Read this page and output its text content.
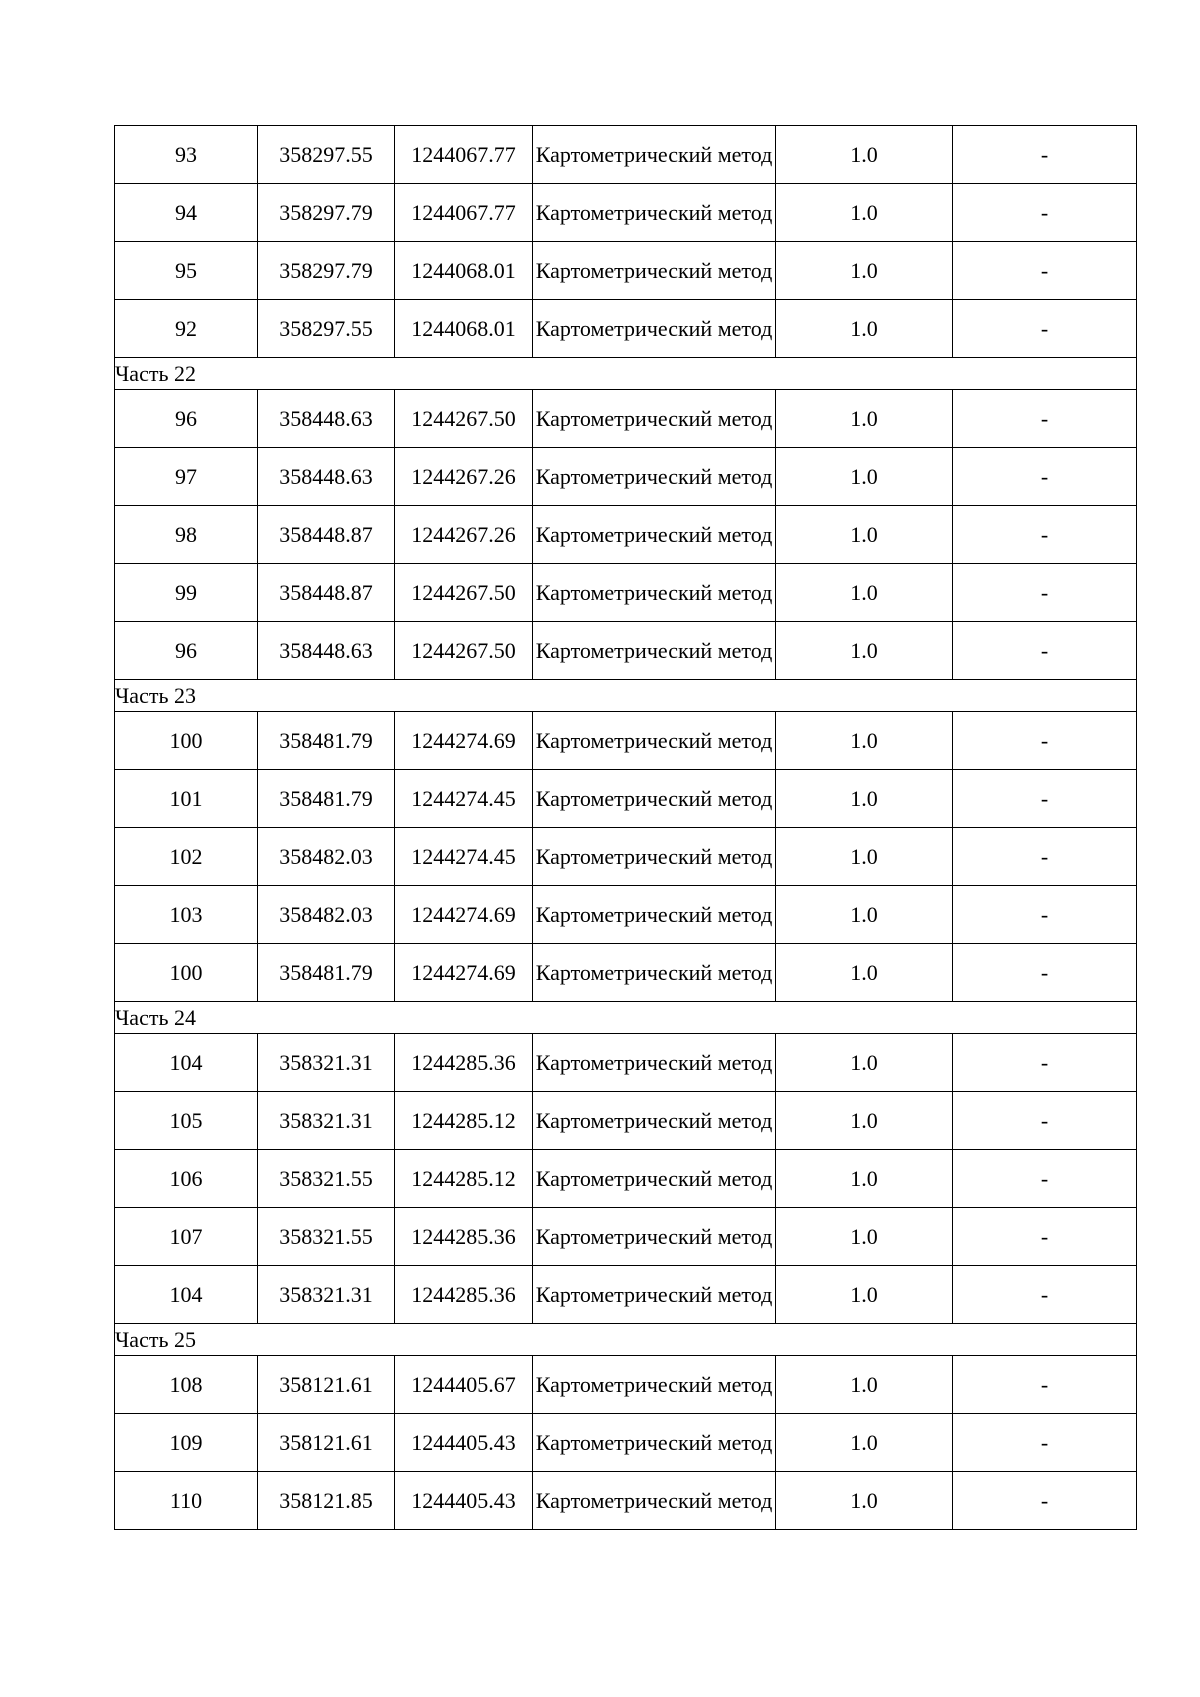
93	358297.55	1244067.77	Картометрический метод	1.0	-
94	358297.79	1244067.77	Картометрический метод	1.0	-
95	358297.79	1244068.01	Картометрический метод	1.0	-
92	358297.55	1244068.01	Картометрический метод	1.0	-
Часть 22					
96	358448.63	1244267.50	Картометрический метод	1.0	-
97	358448.63	1244267.26	Картометрический метод	1.0	-
98	358448.87	1244267.26	Картометрический метод	1.0	-
99	358448.87	1244267.50	Картометрический метод	1.0	-
96	358448.63	1244267.50	Картометрический метод	1.0	-
Часть 23					
100	358481.79	1244274.69	Картометрический метод	1.0	-
101	358481.79	1244274.45	Картометрический метод	1.0	-
102	358482.03	1244274.45	Картометрический метод	1.0	-
103	358482.03	1244274.69	Картометрический метод	1.0	-
100	358481.79	1244274.69	Картометрический метод	1.0	-
Часть 24					
104	358321.31	1244285.36	Картометрический метод	1.0	-
105	358321.31	1244285.12	Картометрический метод	1.0	-
106	358321.55	1244285.12	Картометрический метод	1.0	-
107	358321.55	1244285.36	Картометрический метод	1.0	-
104	358321.31	1244285.36	Картометрический метод	1.0	-
Часть 25					
108	358121.61	1244405.67	Картометрический метод	1.0	-
109	358121.61	1244405.43	Картометрический метод	1.0	-
110	358121.85	1244405.43	Картометрический метод	1.0	-
